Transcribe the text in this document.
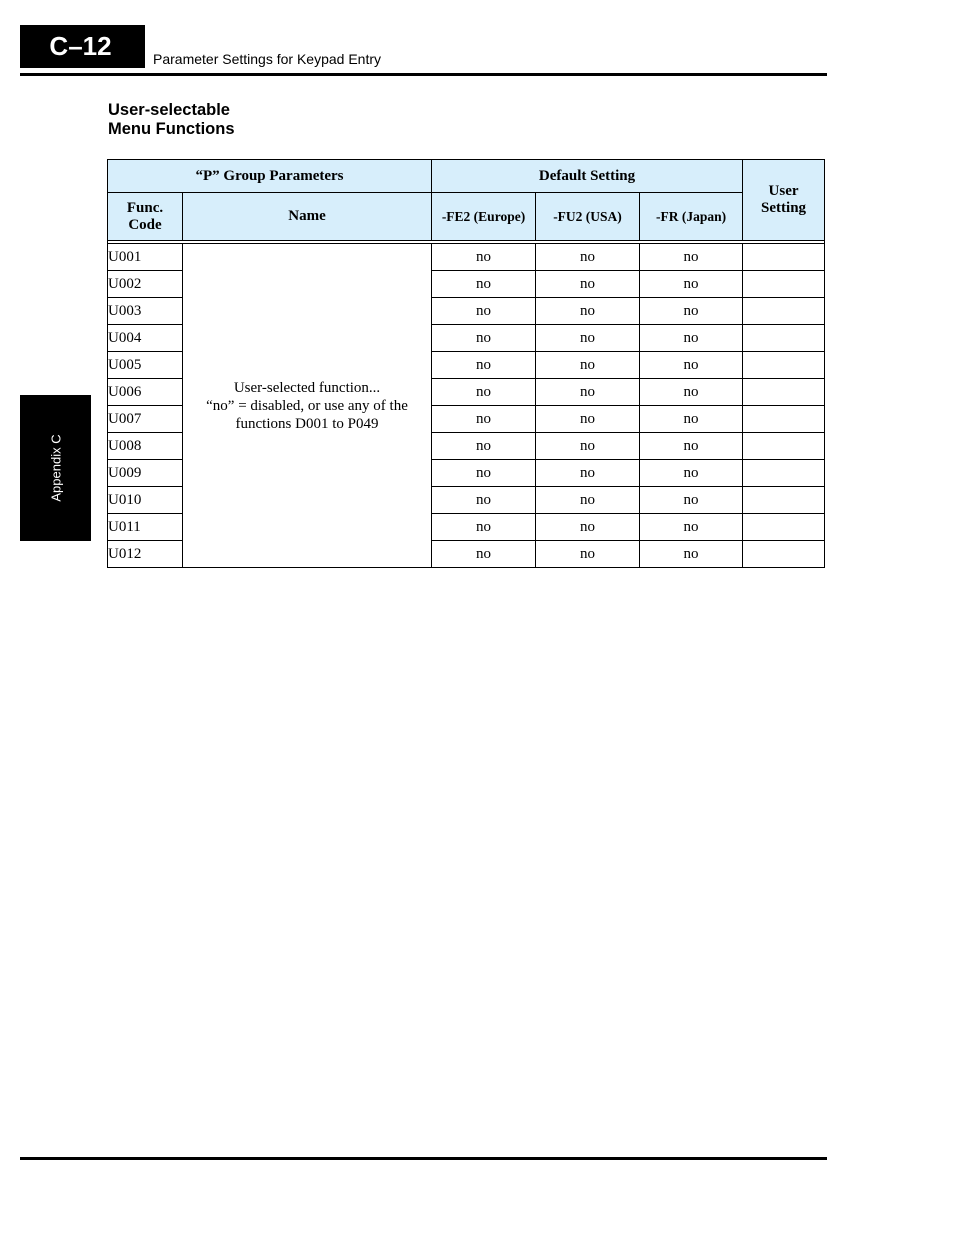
C–12	Parameter Settings for Keypad Entry
Appendix C
User-selectable
Menu Functions
“P” Group Parameters		Default Setting			User
Setting

Func.
Code	Name	-FE2 (Europe)	-FU2 (USA)	-FR (Japan)	

U001	User-selected function...
“no” = disabled, or use any of the
functions D001 to P049	no	no	no	
U002		no	no	no	
U003		no	no	no	
U004		no	no	no	
U005		no	no	no	
U006		no	no	no	
U007		no	no	no	
U008		no	no	no	
U009		no	no	no	
U010		no	no	no	
U011		no	no	no	
U012		no	no	no	
